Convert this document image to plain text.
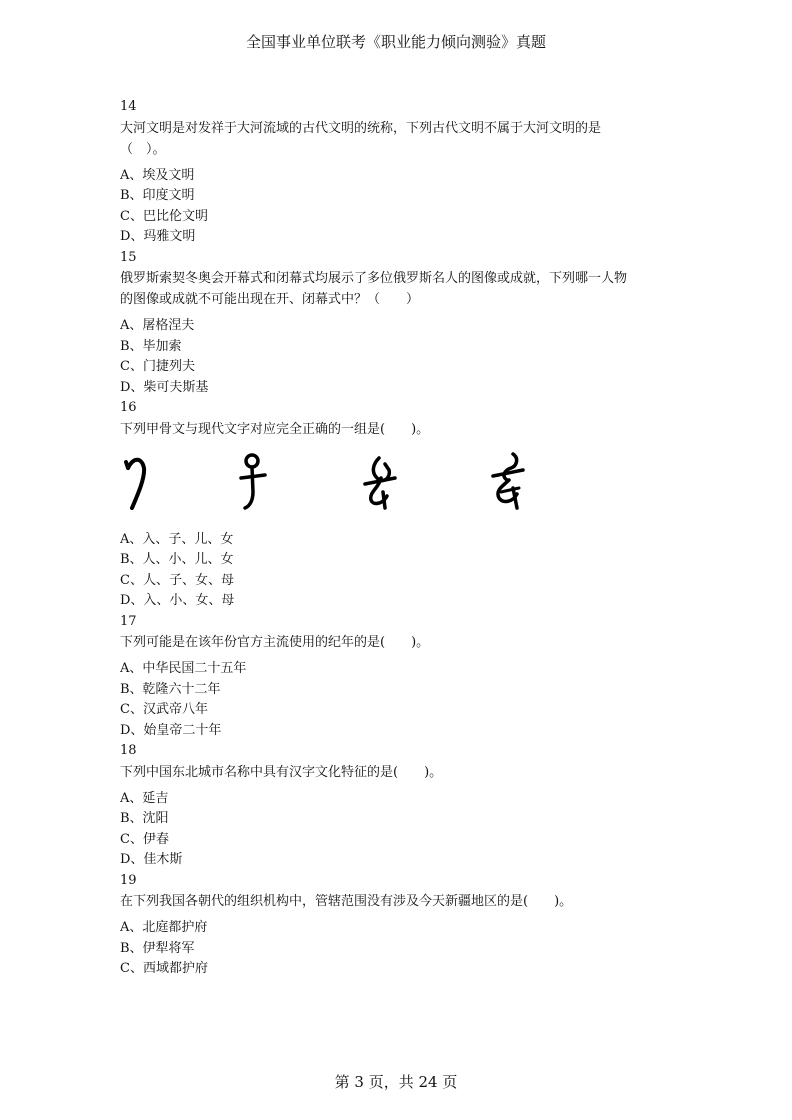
全国事业单位联考《职业能力倾向测验》真题
14
大河文明是对发祥于大河流域的古代文明的统称，下列古代文明不属于大河文明的是
（　）。
A、埃及文明
B、印度文明
C、巴比伦文明
D、玛雅文明
15
俄罗斯索契冬奥会开幕式和闭幕式均展示了多位俄罗斯名人的图像或成就，下列哪一人物
的图像或成就不可能出现在开、闭幕式中？（　　）
A、屠格涅夫
B、毕加索
C、门捷列夫
D、柴可夫斯基
16
下列甲骨文与现代文字对应完全正确的一组是(　　)。
A、入、子、儿、女
B、人、小、儿、女
C、人、子、女、母
D、入、小、女、母
17
下列可能是在该年份官方主流使用的纪年的是(　　)。
A、中华民国二十五年
B、乾隆六十二年
C、汉武帝八年
D、始皇帝二十年
18
下列中国东北城市名称中具有汉字文化特征的是(　　)。
A、延吉
B、沈阳
C、伊春
D、佳木斯
19
在下列我国各朝代的组织机构中，管辖范围没有涉及今天新疆地区的是(　　)。
A、北庭都护府
B、伊犁将军
C、西域都护府
第 3 页，共 24 页
